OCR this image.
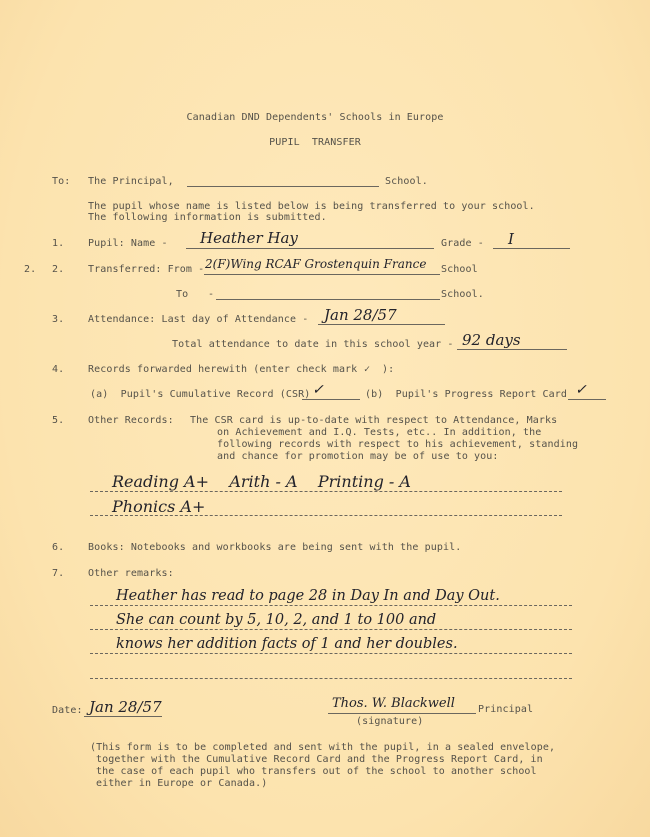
Canadian DND Dependents' Schools in Europe
PUPIL  TRANSFER
To: The Principal,	School.
The pupil whose name is listed below is being transferred to your school.
The following information is submitted.
1. Pupil: Name - Heather Hay	Grade - I
2. 2. Transferred: From - 2(F)Wing RCAF Grostenquin France School
To -	School.
3. Attendance: Last day of Attendance - Jan 28/57
Total attendance to date in this school year - 92 days
4. Records forwarded herewith (enter check mark ✓ ):
(a)  Pupil's Cumulative Record (CSR) ✓	(b)  Pupil's Progress Report Card ✓
5. Other Records: The CSR card is up-to-date with respect to Attendance, Marks
on Achievement and I.Q. Tests, etc.. In addition, the
following records with respect to his achievement, standing
and chance for promotion may be of use to you:
Reading A+    Arith - A    Printing - A
Phonics A+
6. Books: Notebooks and workbooks are being sent with the pupil.
7. Other remarks:
Heather has read to page 28 in Day In and Day Out.
She can count by 5, 10, 2, and 1 to 100 and
knows her addition facts of 1 and her doubles.
Date: Jan 28/57	Thos. W. Blackwell Principal
(signature)
(This form is to be completed and sent with the pupil, in a sealed envelope,
together with the Cumulative Record Card and the Progress Report Card, in
the case of each pupil who transfers out of the school to another school
either in Europe or Canada.)
